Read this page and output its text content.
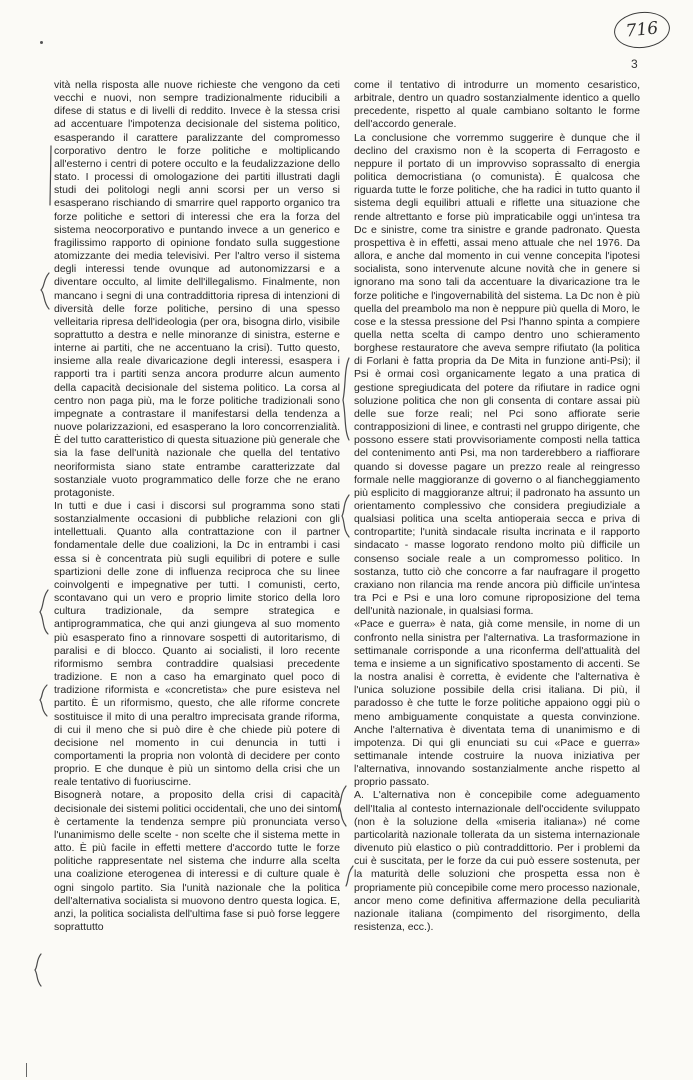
716
3

vità nella risposta alle nuove richieste che vengono da ceti vecchi e nuovi, non sempre tradizionalmente riducibili a difese di status e di livelli di reddito. Invece è la stessa crisi ad accentuare l'impotenza decisionale del sistema politico, esasperando il carattere paralizzante del compromesso corporativo dentro le forze politiche e moltiplicando all'esterno i centri di potere occulto e la feudalizzazione dello stato. I processi di omologazione dei partiti illustrati dagli studi dei politologi negli anni scorsi per un verso si esasperano rischiando di smarrire quel rapporto organico tra forze politiche e settori di interessi che era la forza del sistema neocorporativo e puntando invece a un generico e fragilissimo rapporto di opinione fondato sulla suggestione atomizzante dei media televisivi. Per l'altro verso il sistema degli interessi tende ovunque ad autonomizzarsi e a diventare occulto, al limite dell'illegalismo. Finalmente, non mancano i segni di una contraddittoria ripresa di intenzioni di diversità delle forze politiche, persino di una spesso velleitaria ripresa dell'ideologia (per ora, bisogna dirlo, visibile soprattutto a destra e nelle minoranze di sinistra, esterne e interne ai partiti, che ne accentuano la crisi). Tutto questo, insieme alla reale divaricazione degli interessi, esaspera i rapporti tra i partiti senza ancora produrre alcun aumento della capacità decisionale del sistema politico. La corsa al centro non paga più, ma le forze politiche tradizionali sono impegnate a contrastare il manifestarsi della tendenza a nuove polarizzazioni, ed esasperano la loro concorrenzialità. È del tutto caratteristico di questa situazione più generale che sia la fase dell'unità nazionale che quella del tentativo neoriformista siano state entrambe caratterizzate dal sostanziale vuoto programmatico delle forze che ne erano protagoniste.

In tutti e due i casi i discorsi sul programma sono stati sostanzialmente occasioni di pubbliche relazioni con gli intellettuali. Quanto alla contrattazione con il partner fondamentale delle due coalizioni, la Dc in entrambi i casi essa si è concentrata più sugli equilibri di potere e sulle spartizioni delle zone di influenza reciproca che su linee coinvolgenti e impegnative per tutti. I comunisti, certo, scontavano qui un vero e proprio limite storico della loro cultura tradizionale, da sempre strategica e antiprogrammatica, che qui anzi giungeva al suo momento più esasperato fino a rinnovare sospetti di autoritarismo, di paralisi e di blocco. Quanto ai socialisti, il loro recente riformismo sembra contraddire qualsiasi precedente tradizione. E non a caso ha emarginato quel poco di tradizione riformista e «concretista» che pure esisteva nel partito. È un riformismo, questo, che alle riforme concrete sostituisce il mito di una peraltro imprecisata grande riforma, di cui il meno che si può dire è che chiede più potere di decisione nel momento in cui denuncia in tutti i comportamenti la propria non volontà di decidere per conto proprio. E che dunque è più un sintomo della crisi che un reale tentativo di fuoriuscirne.

Bisognerà notare, a proposito della crisi di capacità decisionale dei sistemi politici occidentali, che uno dei sintomi è certamente la tendenza sempre più pronunciata verso l'unanimismo delle scelte - non scelte che il sistema mette in atto. È più facile in effetti mettere d'accordo tutte le forze politiche rappresentate nel sistema che indurre alla scelta una coalizione eterogenea di interessi e di culture quale è ogni singolo partito. Sia l'unità nazionale che la politica dell'alternativa socialista si muovono dentro questa logica. E, anzi, la politica socialista dell'ultima fase si può forse leggere soprattutto

come il tentativo di introdurre un momento cesaristico, arbitrale, dentro un quadro sostanzialmente identico a quello precedente, rispetto al quale cambiano soltanto le forme dell'accordo generale.

La conclusione che vorremmo suggerire è dunque che il declino del craxismo non è la scoperta di Ferragosto e neppure il portato di un improvviso soprassalto di energia politica democristiana (o comunista). È qualcosa che riguarda tutte le forze politiche, che ha radici in tutto quanto il sistema degli equilibri attuali e riflette una situazione che rende altrettanto e forse più impraticabile oggi un'intesa tra Dc e sinistre, come tra sinistre e grande padronato. Questa prospettiva è in effetti, assai meno attuale che nel 1976. Da allora, e anche dal momento in cui venne concepita l'ipotesi socialista, sono intervenute alcune novità che in genere si ignorano ma sono tali da accentuare la divaricazione tra le forze politiche e l'ingovernabilità del sistema. La Dc non è più quella del preambolo ma non è neppure più quella di Moro, le cose e la stessa pressione del Psi l'hanno spinta a compiere quella netta scelta di campo dentro uno schieramento borghese restauratore che aveva sempre rifiutato (la politica di Forlani è fatta propria da De Mita in funzione anti-Psi); il Psi è ormai così organicamente legato a una pratica di gestione spregiudicata del potere da rifiutare in radice ogni soluzione politica che non gli consenta di contare assai più delle sue forze reali; nel Pci sono affiorate serie contrapposizioni di linee, e contrasti nel gruppo dirigente, che possono essere stati provvisoriamente composti nella tattica del contenimento anti Psi, ma non tarderebbero a riaffiorare quando si dovesse pagare un prezzo reale al reingresso formale nelle maggioranze di governo o al fiancheggiamento più esplicito di maggioranze altrui; il padronato ha assunto un orientamento complessivo che considera pregiudiziale a qualsiasi politica una scelta antioperaia secca e priva di contropartite; l'unità sindacale risulta incrinata e il rapporto sindacato - masse logorato rendono molto più difficile un consenso sociale reale a un compromesso politico. In sostanza, tutto ciò che concorre a far naufragare il progetto craxiano non rilancia ma rende ancora più difficile un'intesa tra Pci e Psi e una loro comune riproposizione del tema dell'unità nazionale, in qualsiasi forma.

«Pace e guerra» è nata, già come mensile, in nome di un confronto nella sinistra per l'alternativa. La trasformazione in settimanale corrisponde a una riconferma dell'attualità del tema e insieme a un significativo spostamento di accenti. Se la nostra analisi è corretta, è evidente che l'alternativa è l'unica soluzione possibile della crisi italiana. Di più, il paradosso è che tutte le forze politiche appaiono oggi più o meno ambiguamente conquistate a questa convinzione. Anche l'alternativa è diventata tema di unanimismo e di impotenza. Di qui gli enunciati su cui «Pace e guerra» settimanale intende costruire la nuova iniziativa per l'alternativa, innovando sostanzialmente anche rispetto al proprio passato.

A. L'alternativa non è concepibile come adeguamento dell'Italia al contesto internazionale dell'occidente sviluppato (non è la soluzione della «miseria italiana») né come particolarità nazionale tollerata da un sistema internazionale divenuto più elastico o più contraddittorio. Per i problemi da cui è suscitata, per le forze da cui può essere sostenuta, per la maturità delle soluzioni che prospetta essa non è propriamente più concepibile come mero processo nazionale, ancor meno come definitiva affermazione della peculiarità nazionale italiana (compimento del risorgimento, della resistenza, ecc.).
